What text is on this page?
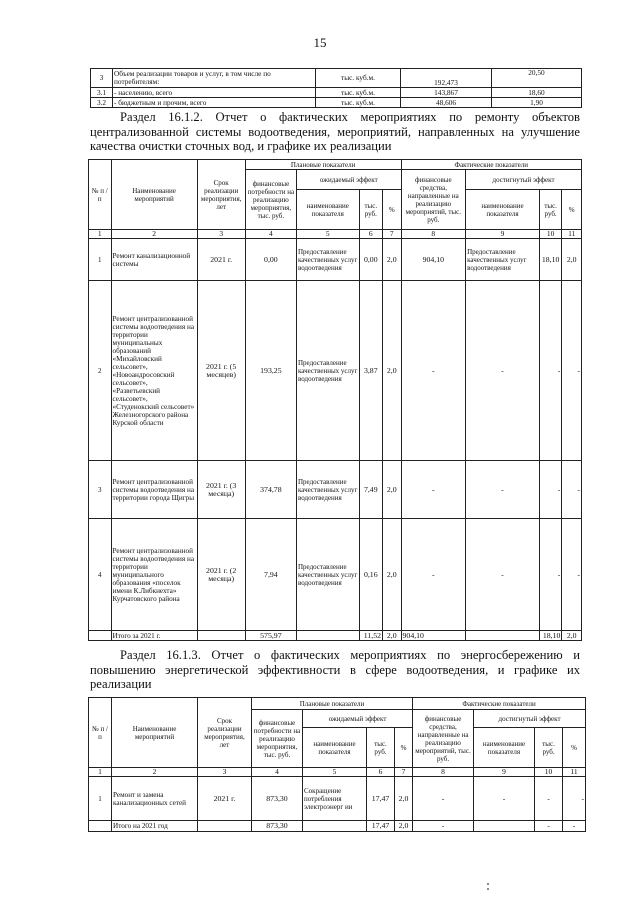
15
3	Объем реализации товаров и услуг, в том числе по потребителям:	тыс. куб.м.	192,473	20,50
3.1	- населению, всего	тыс. куб.м.	143,867	18,60
3.2	- бюджетным и прочим, всего	тыс. куб.м.	48,606	1,90
Раздел 16.1.2. Отчет о фактических мероприятиях по ремонту объектов централизованной системы водоотведения, мероприятий, направленных на улучшение качества очистки сточных вод, и графике их реализации
№ п / п	Наименование мероприятий	Срок реализации мероприятия, лет	Плановые показатели				Фактические показатели			
			финансовые потребности на реализацию мероприятия, тыс. руб.	ожидаемый эффект			финансовые средства, направленные на реализацию мероприятий, тыс. руб.	достигнутый эффект		
				наименование показателя	тыс. руб.	%		наименование показателя	тыс. руб.	%
1	2	3	4	5	6	7	8	9	10	11
1	Ремонт канализационной системы	2021 г.	0,00	Предоставление качественных услуг водоотведения	0,00	2,0	904,10	Предоставление качественных услуг водоотведения	18,10	2,0
2	Ремонт централизованной системы водоотведения на территории муниципальных образований «Михайловский сельсовет», «Новоандросовский сельсовет», «Разветьевский сельсовет», «Студенокский сельсовет» Железногорского района Курской области	2021 г. (5 месяцев)	193,25	Предоставление качественных услуг водоотведения	3,87	2,0	-	-	-	-
3	Ремонт централизованной системы водоотведения на территории города Щигры	2021 г. (3 месяца)	374,78	Предоставление качественных услуг водоотведения	7,49	2,0	-	-	-	-
4	Ремонт централизованной системы водоотведения на территории муниципального образования «поселок имени К.Либкнехта» Курчатовского района	2021 г. (2 месяца)	7,94	Предоставление качественных услуг водоотведения	0,16	2,0	-	-	-	-
	Итого за 2021 г.		575,97		11,52	2,0	904,10		18,10	2,0
Раздел 16.1.3. Отчет о фактических мероприятиях по энергосбережению и повышению энергетической эффективности в сфере водоотведения, и графике их реализации
№ п / п	Наименование мероприятий	Срок реализации мероприятия, лет	Плановые показатели				Фактические показатели			
			финансовые потребности на реализацию мероприятия, тыс. руб.	ожидаемый эффект			финансовые средства, направленные на реализацию мероприятий, тыс. руб.	достигнутый эффект		
				наименование показателя	тыс. руб.	%		наименование показателя	тыс. руб.	%
1	2	3	4	5	6	7	8	9	10	11
1	Ремонт и замена канализационных сетей	2021 г.	873,30	Сокращение потребления электроэнерг ии	17,47	2,0	-	-	-	-
	Итого на 2021 год		873,30		17,47	2,0	-		-	-
